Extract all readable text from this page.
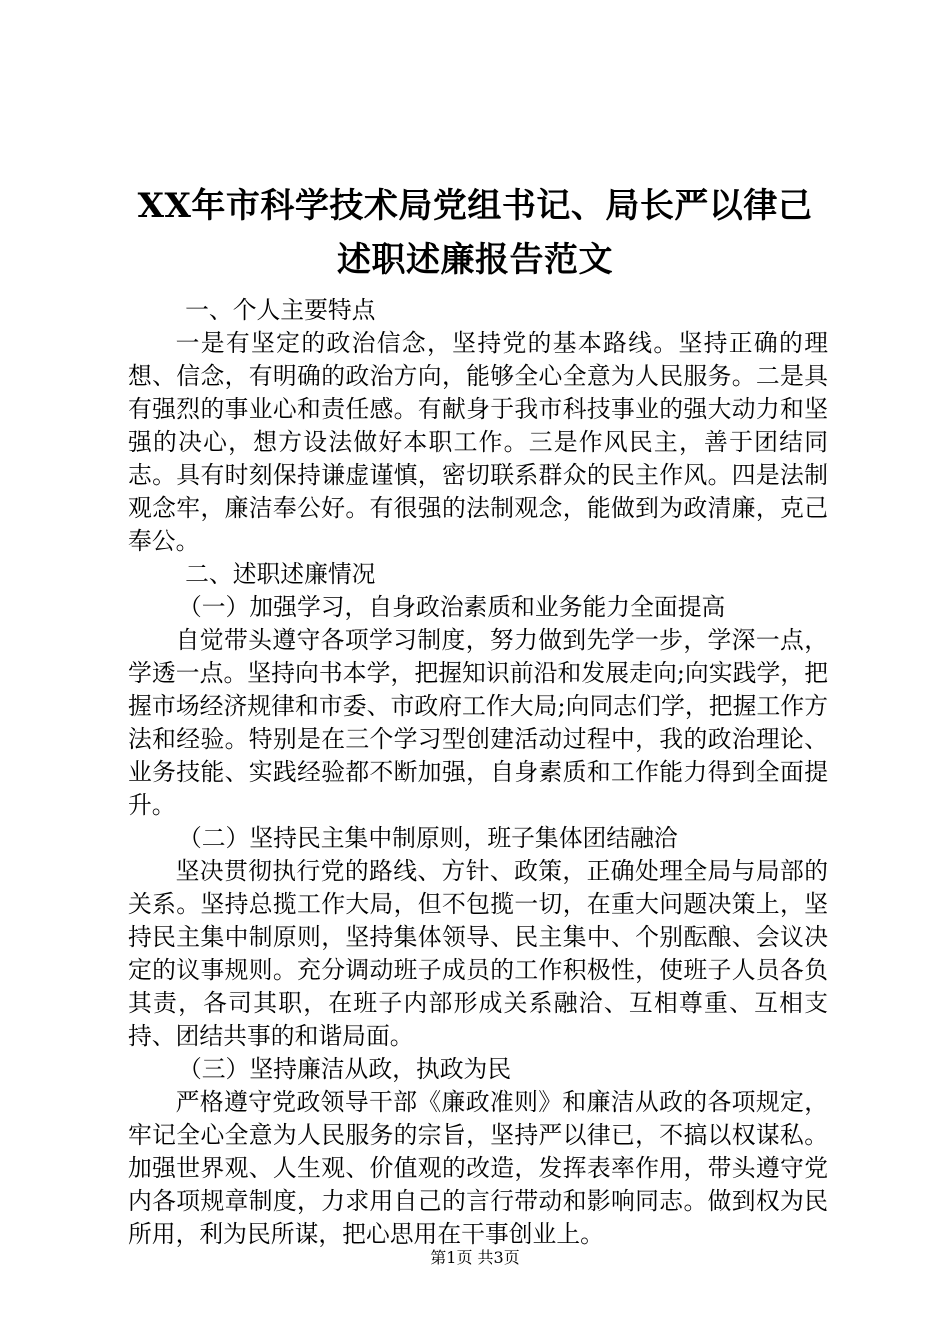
XX年市科学技术局党组书记、局长严以律己
述职述廉报告范文

一、个人主要特点

一是有坚定的政治信念，坚持党的基本路线。坚持正确的理想、信念，有明确的政治方向，能够全心全意为人民服务。二是具有强烈的事业心和责任感。有献身于我市科技事业的强大动力和坚强的决心，想方设法做好本职工作。三是作风民主，善于团结同志。具有时刻保持谦虚谨慎，密切联系群众的民主作风。四是法制观念牢，廉洁奉公好。有很强的法制观念，能做到为政清廉，克己奉公。

二、述职述廉情况

（一）加强学习，自身政治素质和业务能力全面提高

自觉带头遵守各项学习制度，努力做到先学一步，学深一点，学透一点。坚持向书本学，把握知识前沿和发展走向;向实践学，把握市场经济规律和市委、市政府工作大局;向同志们学，把握工作方法和经验。特别是在三个学习型创建活动过程中，我的政治理论、业务技能、实践经验都不断加强，自身素质和工作能力得到全面提升。

（二）坚持民主集中制原则，班子集体团结融洽

坚决贯彻执行党的路线、方针、政策，正确处理全局与局部的关系。坚持总揽工作大局，但不包揽一切，在重大问题决策上，坚持民主集中制原则，坚持集体领导、民主集中、个别酝酿、会议决定的议事规则。充分调动班子成员的工作积极性，使班子人员各负其责，各司其职，在班子内部形成关系融洽、互相尊重、互相支持、团结共事的和谐局面。

（三）坚持廉洁从政，执政为民

严格遵守党政领导干部《廉政准则》和廉洁从政的各项规定，牢记全心全意为人民服务的宗旨，坚持严以律已，不搞以权谋私。加强世界观、人生观、价值观的改造，发挥表率作用，带头遵守党内各项规章制度，力求用自己的言行带动和影响同志。做到权为民所用，利为民所谋，把心思用在干事创业上。

第1页 共3页
